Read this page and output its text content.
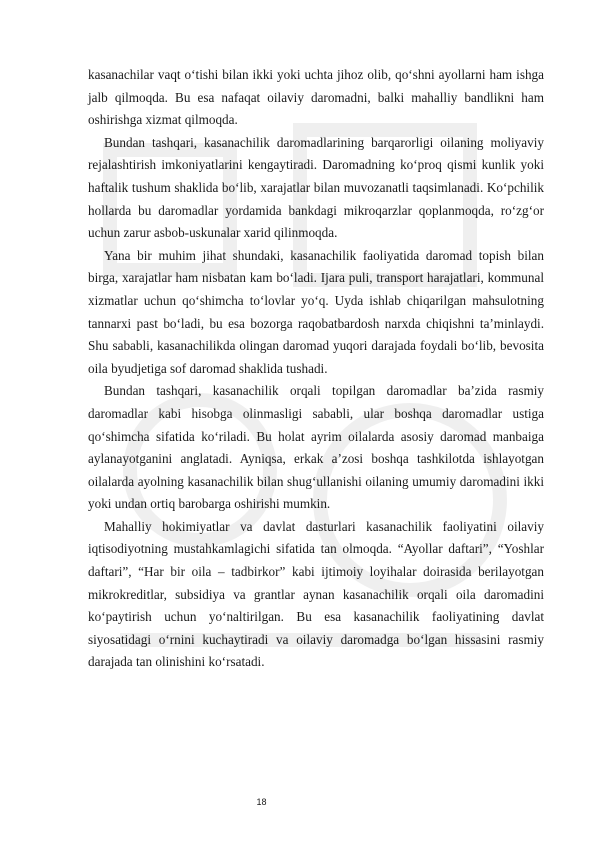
kasanachilar vaqt o‘tishi bilan ikki yoki uchta jihoz olib, qo‘shni ayollarni ham ishga jalb qilmoqda. Bu esa nafaqat oilaviy daromadni, balki mahalliy bandlikni ham oshirishga xizmat qilmoqda.

Bundan tashqari, kasanachilik daromadlarining barqarorligi oilaning moliyaviy rejalashtirish imkoniyatlarini kengaytiradi. Daromadning ko‘proq qismi kunlik yoki haftalik tushum shaklida bo‘lib, xarajatlar bilan muvozanatli taqsimlanadi. Ko‘pchilik hollarda bu daromadlar yordamida bankdagi mikroqarzlar qoplanmoqda, ro‘zg‘or uchun zarur asbob-uskunalar xarid qilinmoqda.

Yana bir muhim jihat shundaki, kasanachilik faoliyatida daromad topish bilan birga, xarajatlar ham nisbatan kam bo‘ladi. Ijara puli, transport harajatlari, kommunal xizmatlar uchun qo‘shimcha to‘lovlar yo‘q. Uyda ishlab chiqarilgan mahsulotning tannarxi past bo‘ladi, bu esa bozorga raqobatbardosh narxda chiqishni ta’minlaydi. Shu sababli, kasanachilikda olingan daromad yuqori darajada foydali bo‘lib, bevosita oila byudjetiga sof daromad shaklida tushadi.

Bundan tashqari, kasanachilik orqali topilgan daromadlar ba’zida rasmiy daromadlar kabi hisobga olinmasligi sababli, ular boshqa daromadlar ustiga qo‘shimcha sifatida ko‘riladi. Bu holat ayrim oilalarda asosiy daromad manbaiga aylanayotganini anglatadi. Ayniqsa, erkak a’zosi boshqa tashkilotda ishlayotgan oilalarda ayolning kasanachilik bilan shug‘ullanishi oilaning umumiy daromadini ikki yoki undan ortiq barobarga oshirishi mumkin.

Mahalliy hokimiyatlar va davlat dasturlari kasanachilik faoliyatini oilaviy iqtisodiyotning mustahkamlagichi sifatida tan olmoqda. “Ayollar daftari”, “Yoshlar daftari”, “Har bir oila – tadbirkor” kabi ijtimoiy loyihalar doirasida berilayotgan mikrokreditlar, subsidiya va grantlar aynan kasanachilik orqali oila daromadini ko‘paytirish uchun yo‘naltirilgan. Bu esa kasanachilik faoliyatining davlat siyosatidagi o‘rnini kuchaytiradi va oilaviy daromadga bo‘lgan hissasini rasmiy darajada tan olinishini ko‘rsatadi.

18
